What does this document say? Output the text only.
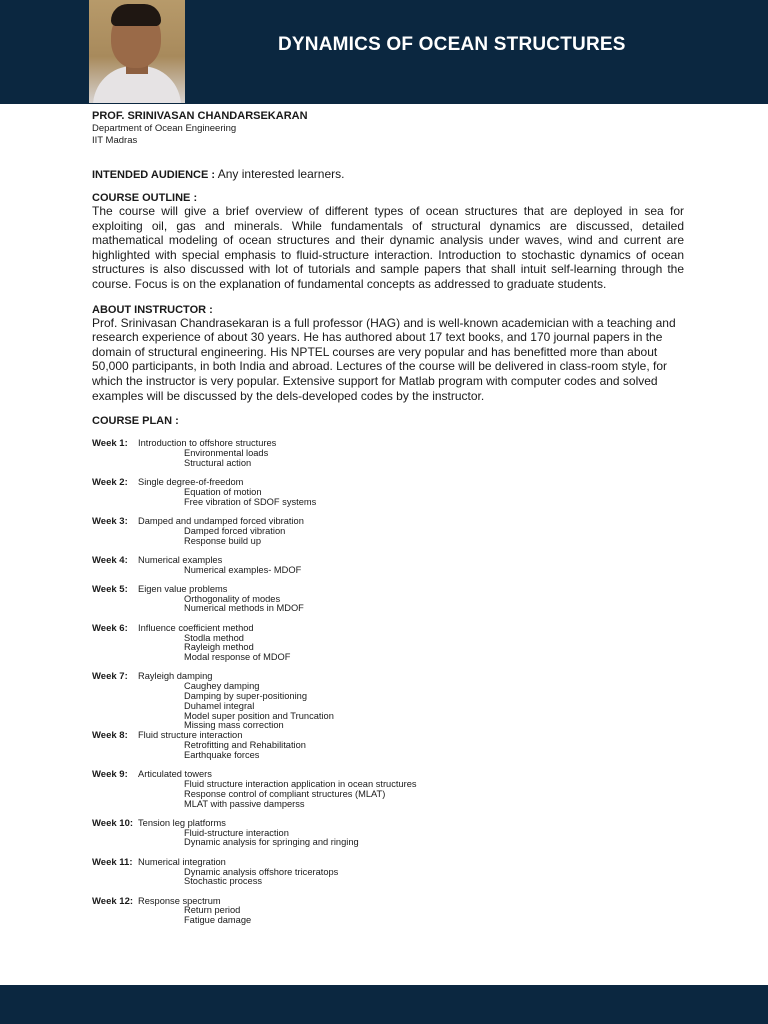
DYNAMICS OF OCEAN STRUCTURES

PROF. SRINIVASAN CHANDARSEKARAN

Department of Ocean Engineering

IIT Madras

INTENDED AUDIENCE : Any interested learners.

COURSE OUTLINE :

The course will give a brief overview of different types of ocean structures that are deployed in sea for exploiting oil, gas and minerals. While fundamentals of structural dynamics are discussed, detailed mathematical modeling of ocean structures and their dynamic analysis under waves, wind and current are highlighted with special emphasis to fluid-structure interaction. Introduction to stochastic dynamics of ocean structures is also discussed with lot of tutorials and sample papers that shall intuit self-learning through the course. Focus is on the explanation of fundamental concepts as addressed to graduate students.

ABOUT INSTRUCTOR :

Prof. Srinivasan Chandrasekaran is a full professor (HAG) and is well-known academician with a teaching and research experience of about 30 years. He has authored about 17 text books, and 170 journal papers in the domain of structural engineering. His NPTEL courses are very popular and has benefitted more than about 50,000 participants, in both India and abroad. Lectures of the course will be delivered in class-room style, for which the instructor is very popular. Extensive support for Matlab program with computer codes and solved examples will be discussed by the dels-developed codes by the instructor.

COURSE PLAN :
Week 1: Introduction to offshore structures
Environmental loads
Structural action
Week 2: Single degree-of-freedom
Equation of motion
Free vibration of SDOF systems
Week 3: Damped and undamped forced vibration
Damped forced vibration
Response build up
Week 4: Numerical examples
Numerical examples- MDOF
Week 5: Eigen value problems
Orthogonality of modes
Numerical methods in MDOF
Week 6: Influence coefficient method
Stodla method
Rayleigh method
Modal response of MDOF
Week 7: Rayleigh damping
Caughey damping
Damping by super-positioning
Duhamel integral
Model super position and Truncation
Missing mass correction
Week 8: Fluid structure interaction
Retrofitting and Rehabilitation
Earthquake forces
Week 9: Articulated towers
Fluid structure interaction application in ocean structures
Response control of compliant structures (MLAT)
MLAT with passive damperss
Week 10: Tension leg platforms
Fluid-structure interaction
Dynamic analysis for springing and ringing
Week 11: Numerical integration
Dynamic analysis offshore triceratops
Stochastic process
Week 12: Response spectrum
Return period
Fatigue damage
